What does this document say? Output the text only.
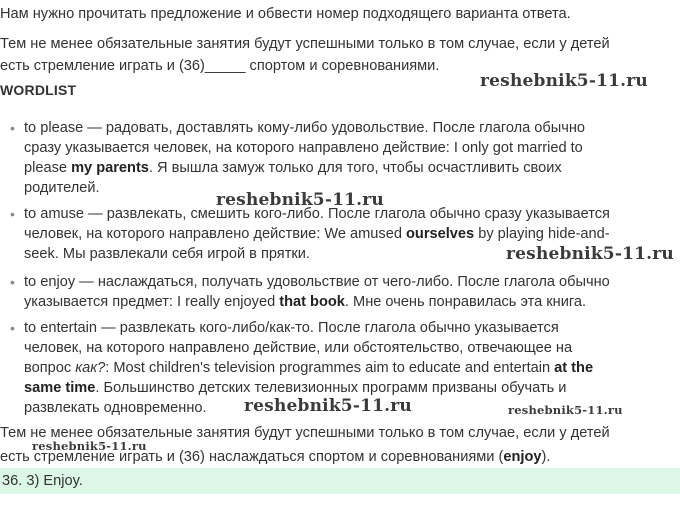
Нам нужно прочитать предложение и обвести номер подходящего варианта ответа.
Тем не менее обязательные занятия будут успешными только в том случае, если у детей
есть стремление играть и (36)_____ спортом и соревнованиями.
WORDLIST
• to please — радовать, доставлять кому-либо удовольствие. После глагола обычно
сразу указывается человек, на которого направлено действие: I only got married to
please my parents. Я вышла замуж только для того, чтобы осчастливить своих
родителей.
• to amuse — развлекать, смешить кого-либо. После глагола обычно сразу указывается
человек, на которого направлено действие: We amused ourselves by playing hide-and-
seek. Мы развлекали себя игрой в прятки.
• to enjoy — наслаждаться, получать удовольствие от чего-либо. После глагола обычно
указывается предмет: I really enjoyed that book. Мне очень понравилась эта книга.
• to entertain — развлекать кого-либо/как-то. После глагола обычно указывается
человек, на которого направлено действие, или обстоятельство, отвечающее на
вопрос как?: Most children's television programmes aim to educate and entertain at the
same time. Большинство детских телевизионных программ призваны обучать и
развлекать одновременно.
Тем не менее обязательные занятия будут успешными только в том случае, если у детей
есть стремление играть и (36) наслаждаться спортом и соревнованиями (enjoy).
36. 3) Enjoy.
reshebnik5-11.ru
reshebnik5-11.ru
reshebnik5-11.ru
reshebnik5-11.ru	reshebnik5-11.ru
reshebnik5-11.ru
